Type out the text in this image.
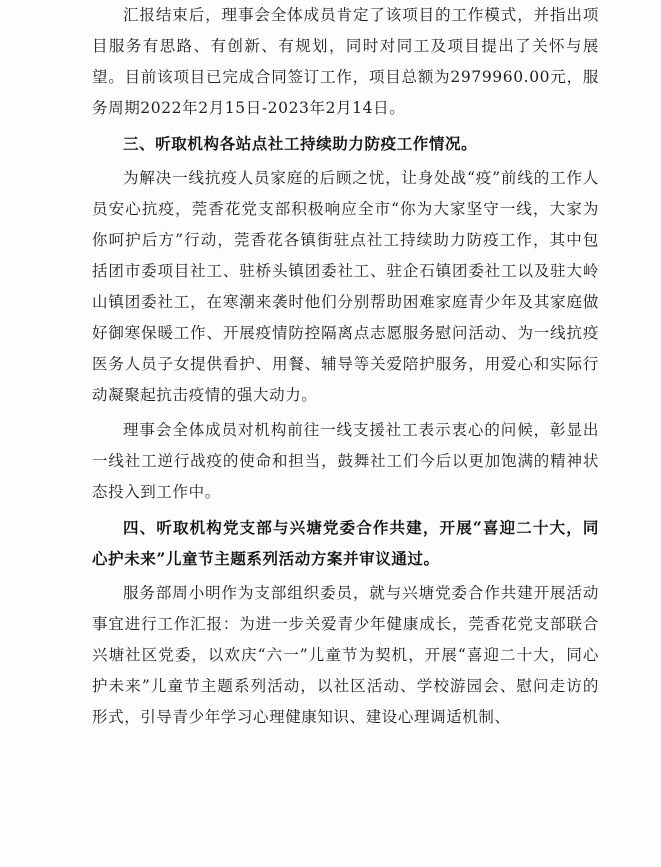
汇报结束后，理事会全体成员肯定了该项目的工作模式，并指出项目服务有思路、有创新、有规划，同时对同工及项目提出了关怀与展望。目前该项目已完成合同签订工作，项目总额为2979960.00元，服务周期2022年2月15日-2023年2月14日。

三、听取机构各站点社工持续助力防疫工作情况。

为解决一线抗疫人员家庭的后顾之忧，让身处战“疫”前线的工作人员安心抗疫，莞香花党支部积极响应全市“你为大家坚守一线，大家为你呵护后方”行动，莞香花各镇街驻点社工持续助力防疫工作，其中包括团市委项目社工、驻桥头镇团委社工、驻企石镇团委社工以及驻大岭山镇团委社工，在寒潮来袭时他们分别帮助困难家庭青少年及其家庭做好御寒保暖工作、开展疫情防控隔离点志愿服务慰问活动、为一线抗疫医务人员子女提供看护、用餐、辅导等关爱陪护服务，用爱心和实际行动凝聚起抗击疫情的强大动力。

理事会全体成员对机构前往一线支援社工表示衷心的问候，彰显出一线社工逆行战疫的使命和担当，鼓舞社工们今后以更加饱满的精神状态投入到工作中。

四、听取机构党支部与兴塘党委合作共建，开展“喜迎二十大，同心护未来”儿童节主题系列活动方案并审议通过。

服务部周小明作为支部组织委员，就与兴塘党委合作共建开展活动事宜进行工作汇报：为进一步关爱青少年健康成长，莞香花党支部联合兴塘社区党委，以欢庆“六一”儿童节为契机，开展“喜迎二十大，同心护未来”儿童节主题系列活动，以社区活动、学校游园会、慰问走访的形式，引导青少年学习心理健康知识、建设心理调适机制、
